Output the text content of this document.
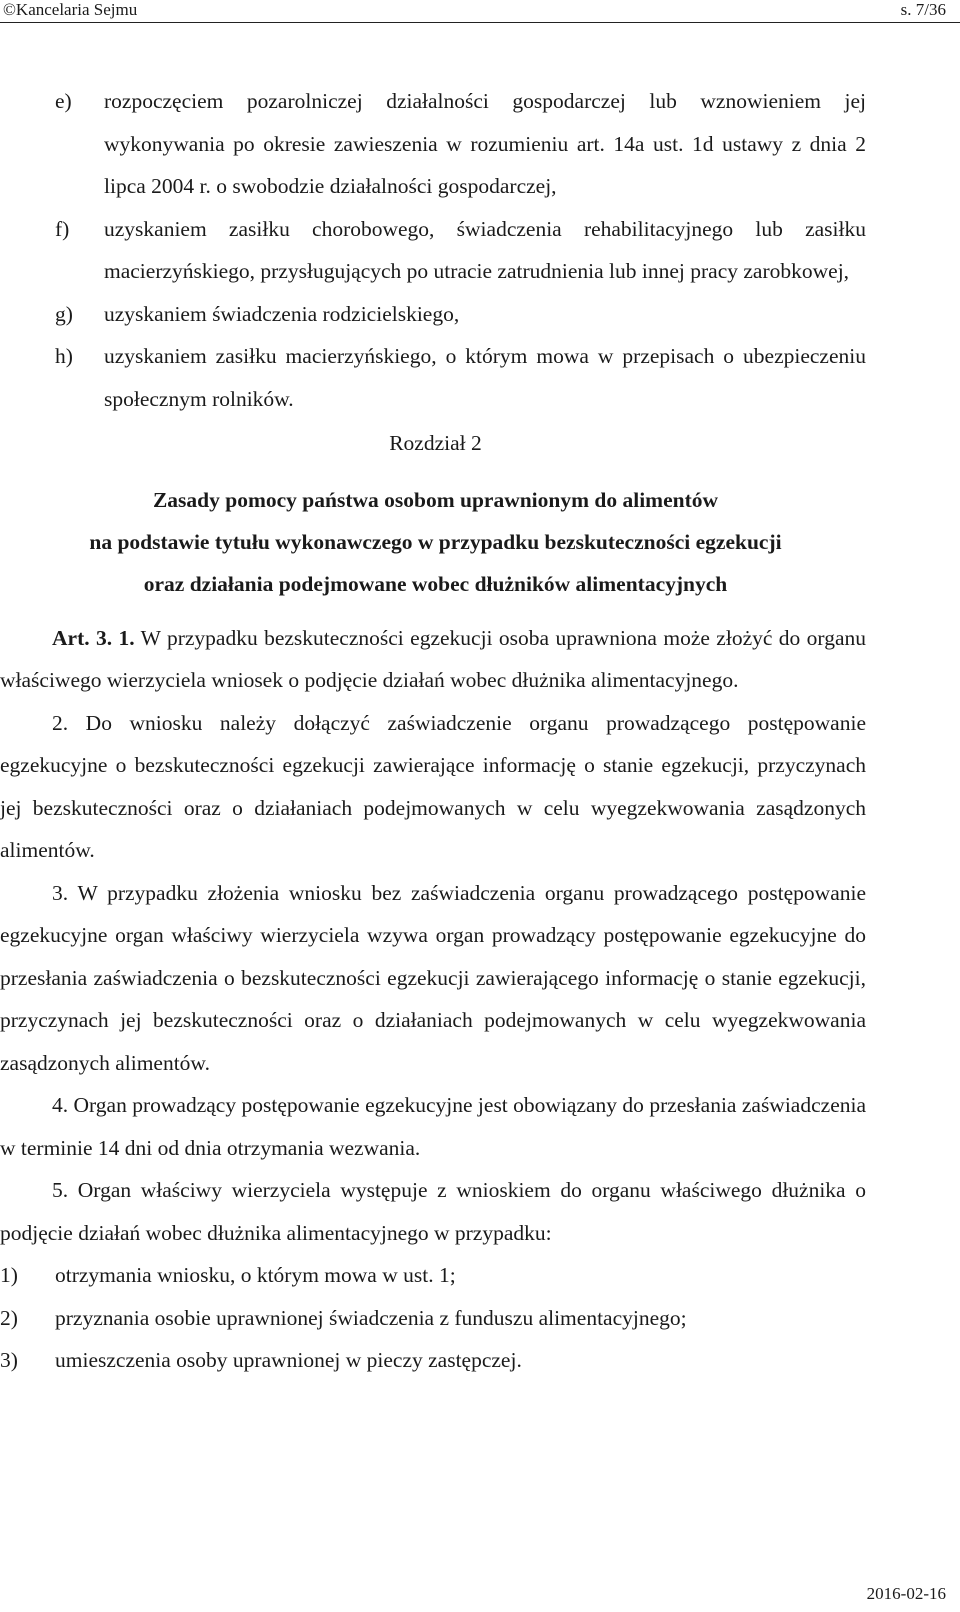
©Kancelaria Sejmu	s. 7/36
e)	rozpoczęciem pozarolniczej działalności gospodarczej lub wznowieniem jej wykonywania po okresie zawieszenia w rozumieniu art. 14a ust. 1d ustawy z dnia 2 lipca 2004 r. o swobodzie działalności gospodarczej,
f)	uzyskaniem zasiłku chorobowego, świadczenia rehabilitacyjnego lub zasiłku macierzyńskiego, przysługujących po utracie zatrudnienia lub innej pracy zarobkowej,
g)	uzyskaniem świadczenia rodzicielskiego,
h)	uzyskaniem zasiłku macierzyńskiego, o którym mowa w przepisach o ubezpieczeniu społecznym rolników.
Rozdział 2
Zasady pomocy państwa osobom uprawnionym do alimentów
na podstawie tytułu wykonawczego w przypadku bezskuteczności egzekucji
oraz działania podejmowane wobec dłużników alimentacyjnych
Art. 3. 1. W przypadku bezskuteczności egzekucji osoba uprawniona może złożyć do organu właściwego wierzyciela wniosek o podjęcie działań wobec dłużnika alimentacyjnego.
2. Do wniosku należy dołączyć zaświadczenie organu prowadzącego postępowanie egzekucyjne o bezskuteczności egzekucji zawierające informację o stanie egzekucji, przyczynach jej bezskuteczności oraz o działaniach podejmowanych w celu wyegzekwowania zasądzonych alimentów.
3. W przypadku złożenia wniosku bez zaświadczenia organu prowadzącego postępowanie egzekucyjne organ właściwy wierzyciela wzywa organ prowadzący postępowanie egzekucyjne do przesłania zaświadczenia o bezskuteczności egzekucji zawierającego informację o stanie egzekucji, przyczynach jej bezskuteczności oraz o działaniach podejmowanych w celu wyegzekwowania zasądzonych alimentów.
4. Organ prowadzący postępowanie egzekucyjne jest obowiązany do przesłania zaświadczenia w terminie 14 dni od dnia otrzymania wezwania.
5. Organ właściwy wierzyciela występuje z wnioskiem do organu właściwego dłużnika o podjęcie działań wobec dłużnika alimentacyjnego w przypadku:
1)	otrzymania wniosku, o którym mowa w ust. 1;
2)	przyznania osobie uprawnionej świadczenia z funduszu alimentacyjnego;
3)	umieszczenia osoby uprawnionej w pieczy zastępczej.
2016-02-16
